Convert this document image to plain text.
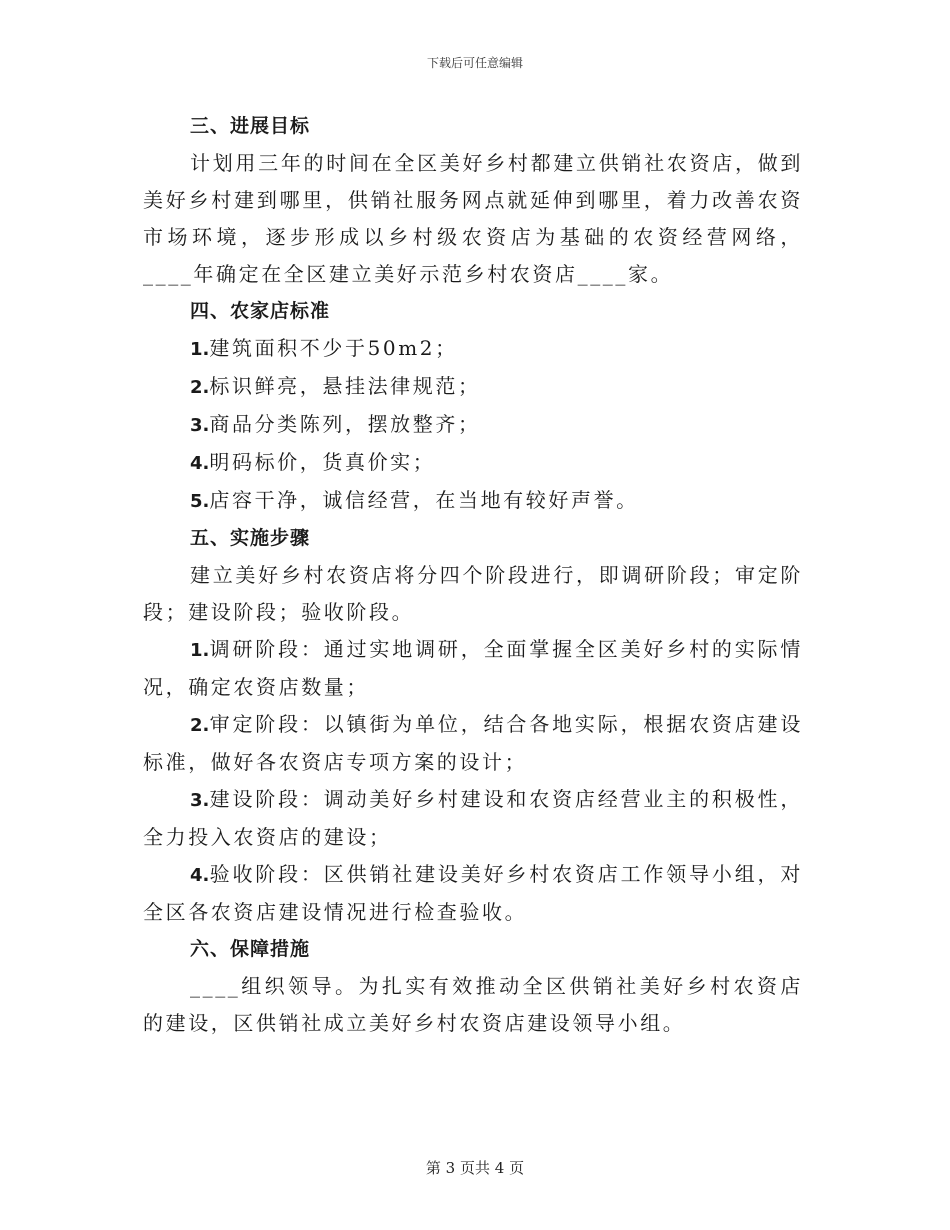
下载后可任意编辑
三、进展目标
计划用三年的时间在全区美好乡村都建立供销社农资店，做到美好乡村建到哪里，供销社服务网点就延伸到哪里，着力改善农资市场环境，逐步形成以乡村级农资店为基础的农资经营网络，____年确定在全区建立美好示范乡村农资店____家。
四、农家店标准
1.建筑面积不少于50m2；
2.标识鲜亮，悬挂法律规范；
3.商品分类陈列，摆放整齐；
4.明码标价，货真价实；
5.店容干净，诚信经营，在当地有较好声誉。
五、实施步骤
建立美好乡村农资店将分四个阶段进行，即调研阶段；审定阶段；建设阶段；验收阶段。
1.调研阶段：通过实地调研，全面掌握全区美好乡村的实际情况，确定农资店数量；
2.审定阶段：以镇街为单位，结合各地实际，根据农资店建设标准，做好各农资店专项方案的设计；
3.建设阶段：调动美好乡村建设和农资店经营业主的积极性，全力投入农资店的建设；
4.验收阶段：区供销社建设美好乡村农资店工作领导小组，对全区各农资店建设情况进行检查验收。
六、保障措施
____组织领导。为扎实有效推动全区供销社美好乡村农资店的建设，区供销社成立美好乡村农资店建设领导小组。
第 3 页共 4 页
